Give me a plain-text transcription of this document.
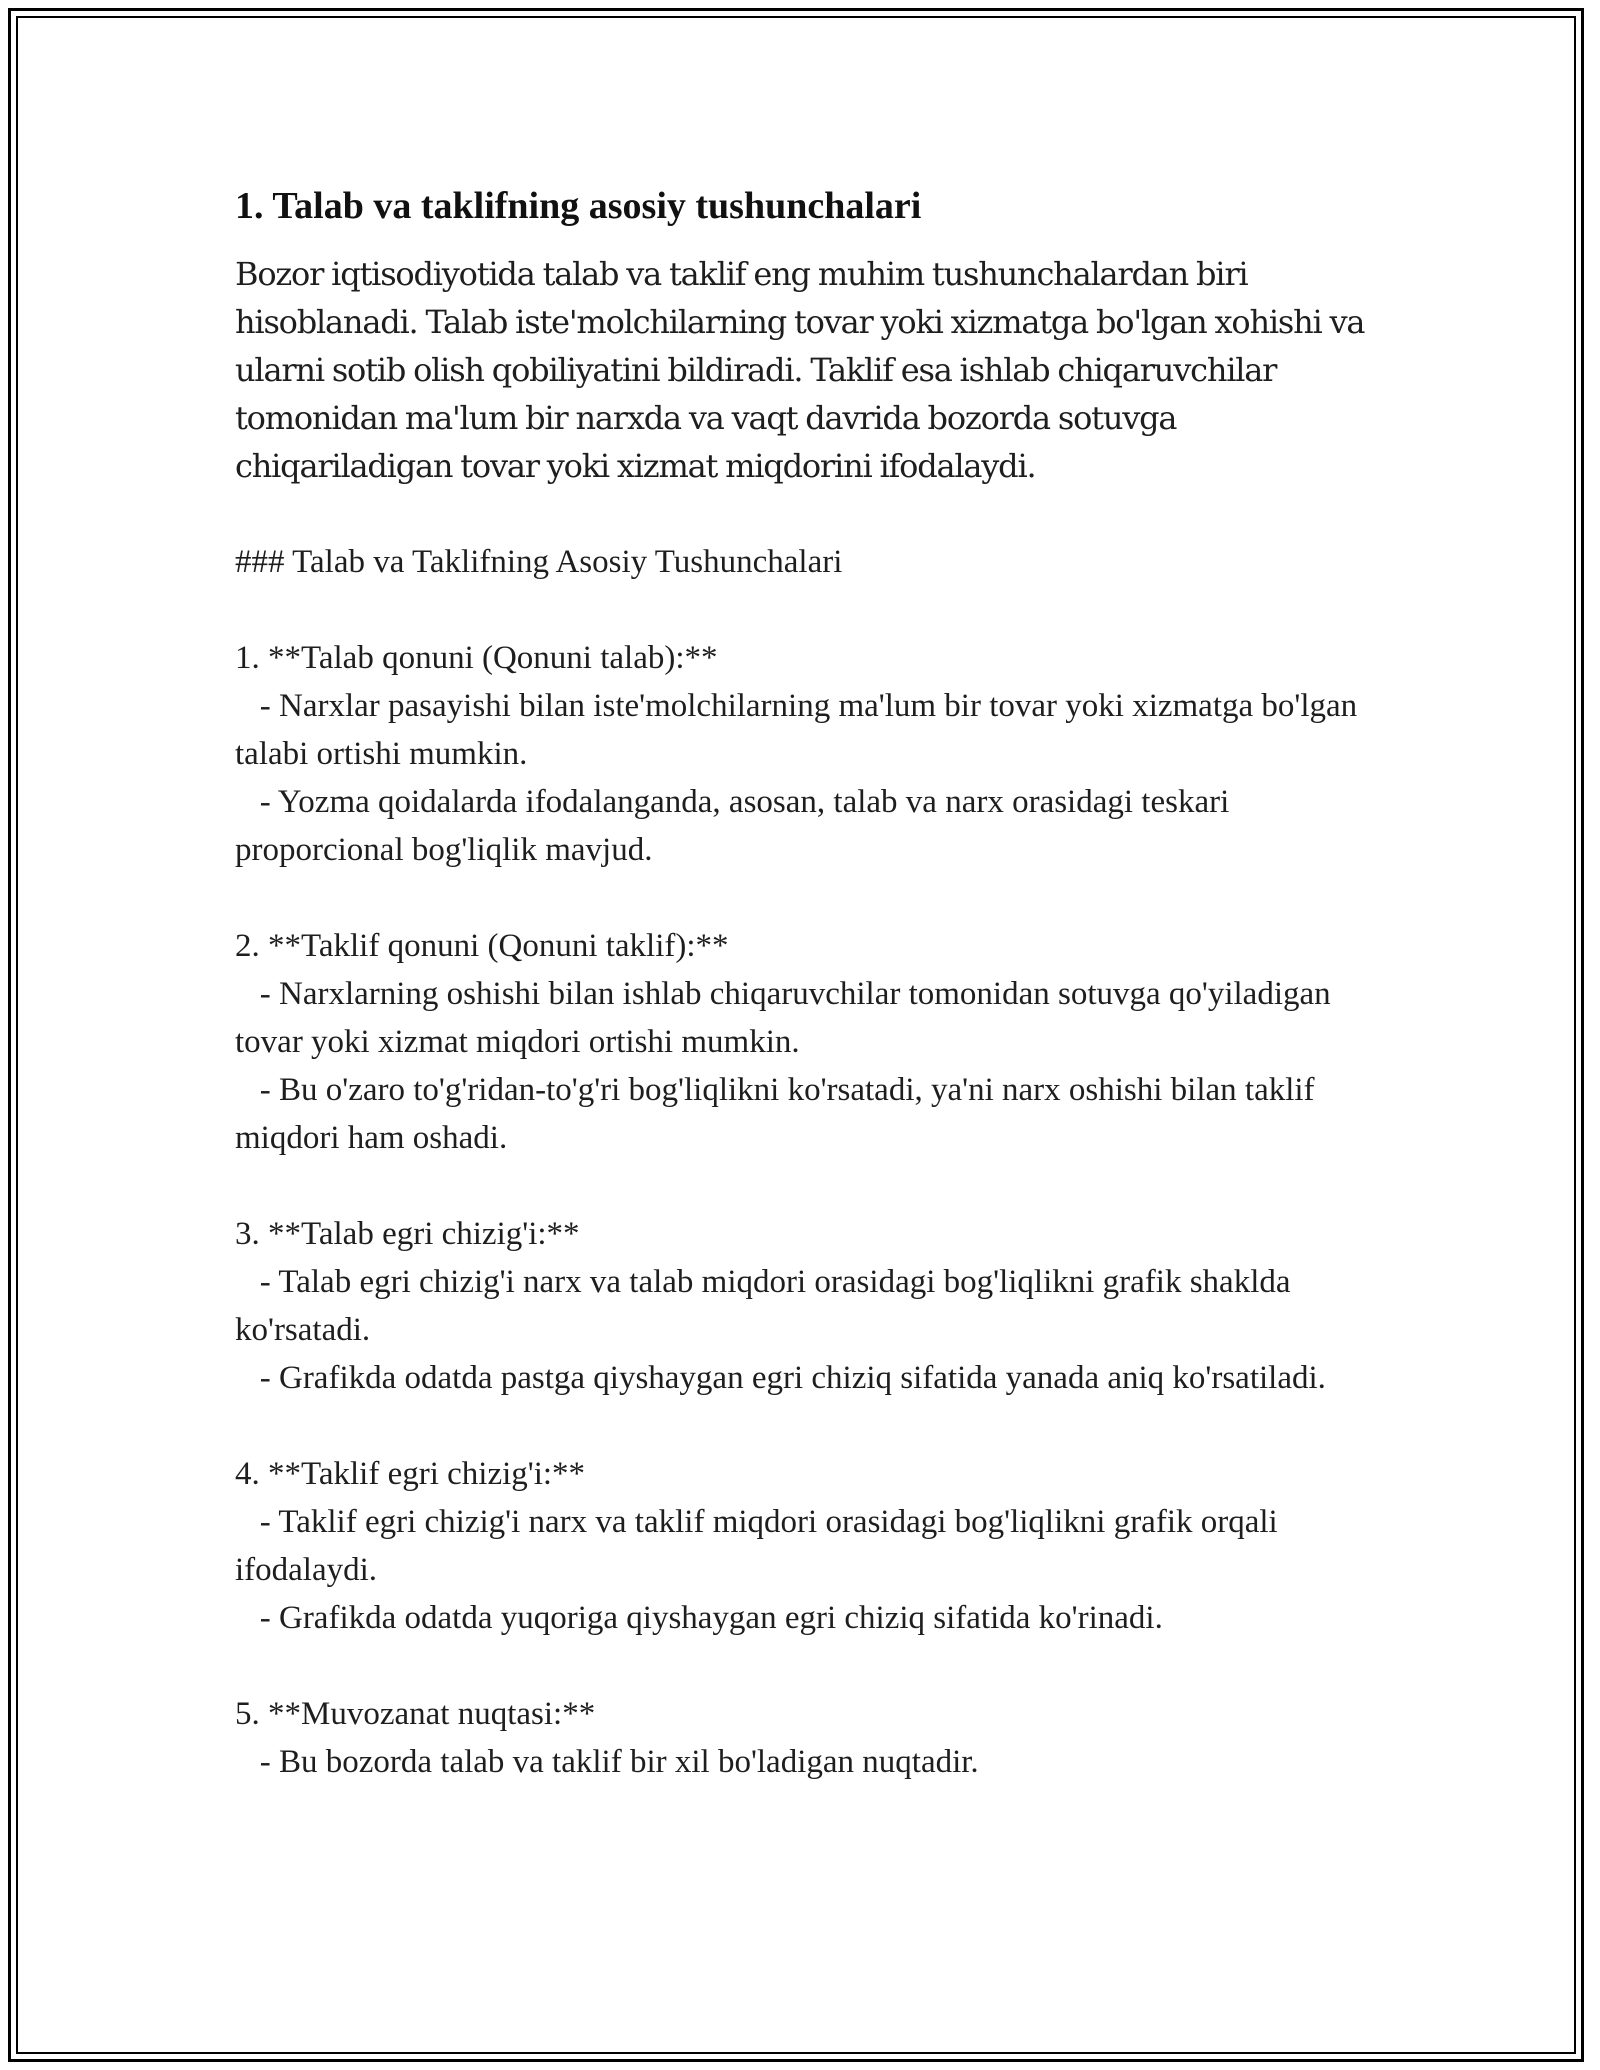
1. Talab va taklifning asosiy tushunchalari

Bozor iqtisodiyotida talab va taklif eng muhim tushunchalardan biri hisoblanadi. Talab iste'molchilarning tovar yoki xizmatga bo'lgan xohishi va ularni sotib olish qobiliyatini bildiradi. Taklif esa ishlab chiqaruvchilar tomonidan ma'lum bir narxda va vaqt davrida bozorda sotuvga chiqariladigan tovar yoki xizmat miqdorini ifodalaydi.

### Talab va Taklifning Asosiy Tushunchalari

1. **Talab qonuni (Qonuni talab):**

- Narxlar pasayishi bilan iste'molchilarning ma'lum bir tovar yoki xizmatga bo'lgan talabi ortishi mumkin.

- Yozma qoidalarda ifodalanganda, asosan, talab va narx orasidagi teskari proporcional bog'liqlik mavjud.

2. **Taklif qonuni (Qonuni taklif):**

- Narxlarning oshishi bilan ishlab chiqaruvchilar tomonidan sotuvga qo'yiladigan tovar yoki xizmat miqdori ortishi mumkin.

- Bu o'zaro to'g'ridan-to'g'ri bog'liqlikni ko'rsatadi, ya'ni narx oshishi bilan taklif miqdori ham oshadi.

3. **Talab egri chizig'i:**

- Talab egri chizig'i narx va talab miqdori orasidagi bog'liqlikni grafik shaklda ko'rsatadi.

- Grafikda odatda pastga qiyshaygan egri chiziq sifatida yanada aniq ko'rsatiladi.

4. **Taklif egri chizig'i:**

- Taklif egri chizig'i narx va taklif miqdori orasidagi bog'liqlikni grafik orqali ifodalaydi.

- Grafikda odatda yuqoriga qiyshaygan egri chiziq sifatida ko'rinadi.

5. **Muvozanat nuqtasi:**

- Bu bozorda talab va taklif bir xil bo'ladigan nuqtadir.
